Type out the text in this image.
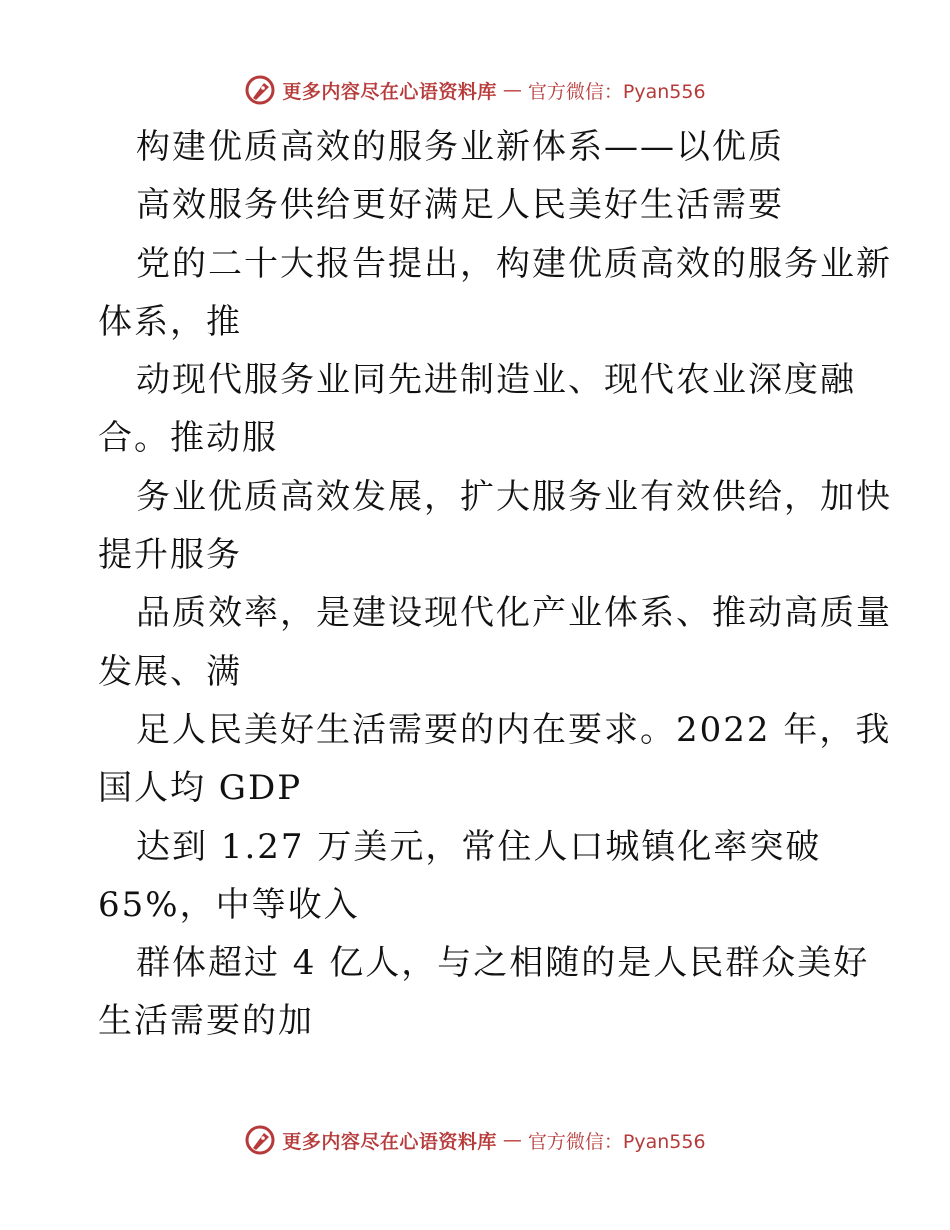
更多内容尽在心语资料库 — 官方微信：Pyan556
构建优质高效的服务业新体系——以优质
高效服务供给更好满足人民美好生活需要
党的二十大报告提出，构建优质高效的服务业新
体系，推
动现代服务业同先进制造业、现代农业深度融
合。推动服
务业优质高效发展，扩大服务业有效供给，加快
提升服务
品质效率，是建设现代化产业体系、推动高质量
发展、满
足人民美好生活需要的内在要求。2022 年，我
国人均 GDP
达到 1.27 万美元，常住人口城镇化率突破
65%，中等收入
群体超过 4 亿人，与之相随的是人民群众美好
生活需要的加
更多内容尽在心语资料库 — 官方微信：Pyan556
